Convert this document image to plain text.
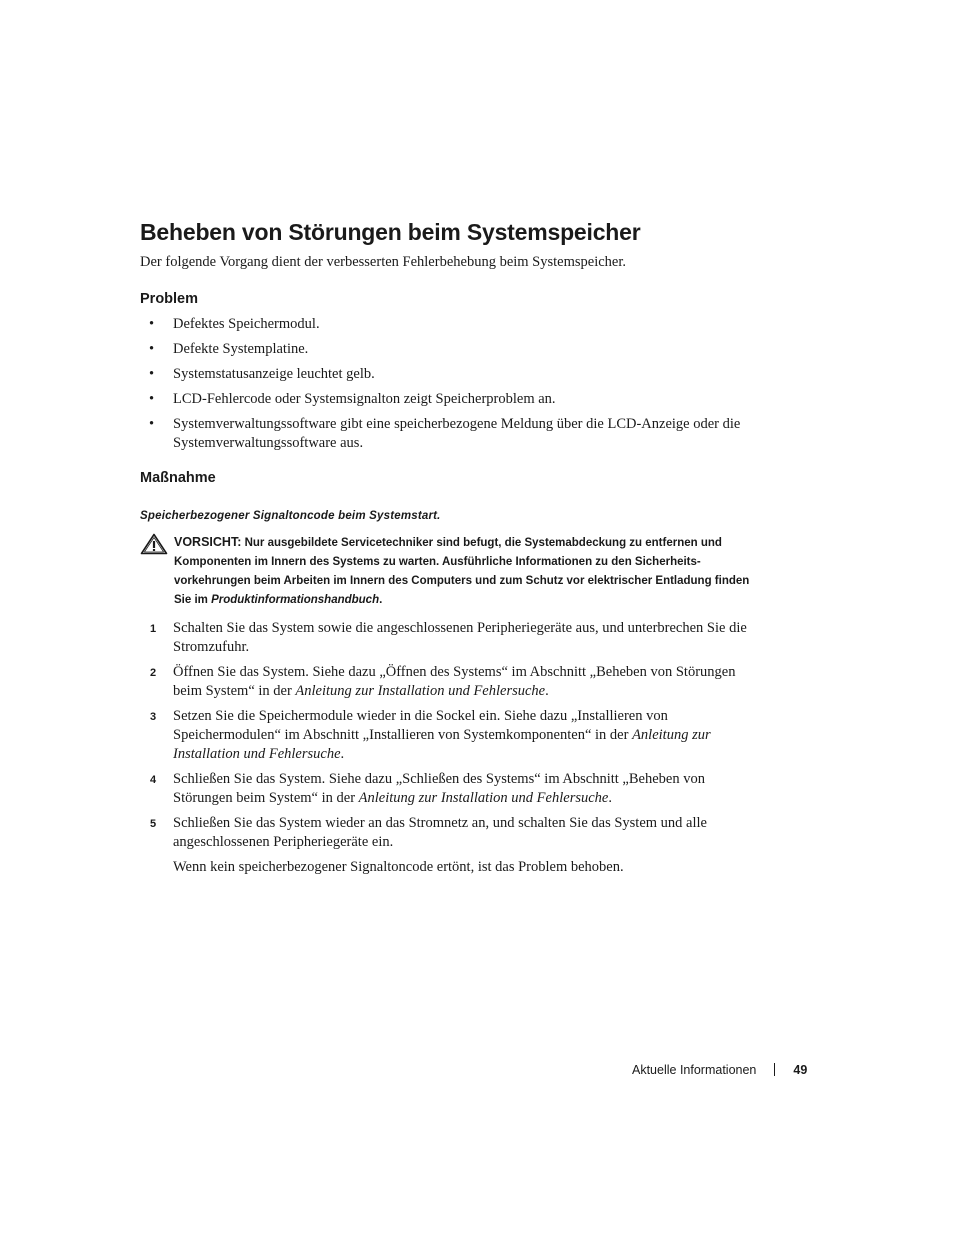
Beheben von Störungen beim Systemspeicher

Der folgende Vorgang dient der verbesserten Fehlerbehebung beim Systemspeicher.

Problem
• Defektes Speichermodul.
• Defekte Systemplatine.
• Systemstatusanzeige leuchtet gelb.
• LCD-Fehlercode oder Systemsignalton zeigt Speicherproblem an.
• Systemverwaltungssoftware gibt eine speicherbezogene Meldung über die LCD-Anzeige oder die Systemverwaltungssoftware aus.
Maßnahme

Speicherbezogener Signaltoncode beim Systemstart.

VORSICHT: Nur ausgebildete Servicetechniker sind befugt, die Systemabdeckung zu entfernen und Komponenten im Innern des Systems zu warten. Ausführliche Informationen zu den Sicherheitsvorkehrungen beim Arbeiten im Innern des Computers und zum Schutz vor elektrischer Entladung finden Sie im Produktinformationshandbuch.
1 Schalten Sie das System sowie die angeschlossenen Peripheriegeräte aus, und unterbrechen Sie die Stromzufuhr.
2 Öffnen Sie das System. Siehe dazu „Öffnen des Systems“ im Abschnitt „Beheben von Störungen beim System“ in der Anleitung zur Installation und Fehlersuche.
3 Setzen Sie die Speichermodule wieder in die Sockel ein. Siehe dazu „Installieren von Speichermodulen“ im Abschnitt „Installieren von Systemkomponenten“ in der Anleitung zur Installation und Fehlersuche.
4 Schließen Sie das System. Siehe dazu „Schließen des Systems“ im Abschnitt „Beheben von Störungen beim System“ in der Anleitung zur Installation und Fehlersuche.
5 Schließen Sie das System wieder an das Stromnetz an, und schalten Sie das System und alle angeschlossenen Peripheriegeräte ein.

Wenn kein speicherbezogener Signaltoncode ertönt, ist das Problem behoben.

Aktuelle Informationen	49
